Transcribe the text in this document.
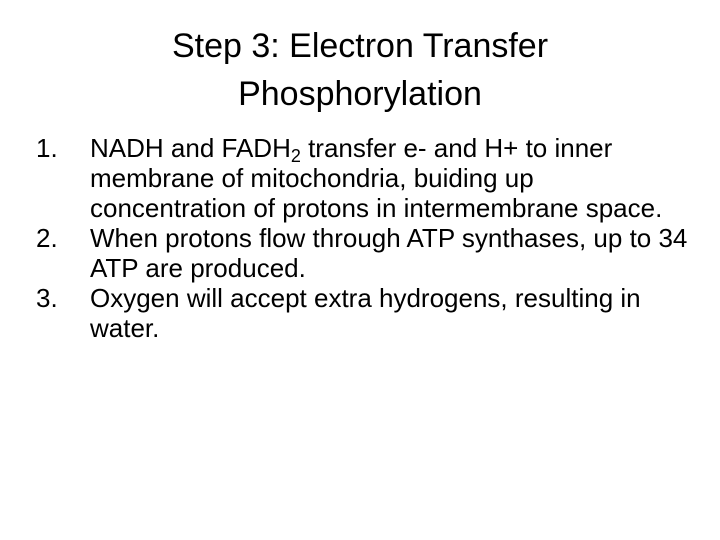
Step 3: Electron Transfer
Phosphorylation
1.	NADH and $FADH_2$ transfer e- and H+ to inner membrane of mitochondria, buiding up concentration of protons in intermembrane space.
2.	When protons flow through ATP synthases, up to 34 ATP are produced.
3.	Oxygen will accept extra hydrogens, resulting in water.
